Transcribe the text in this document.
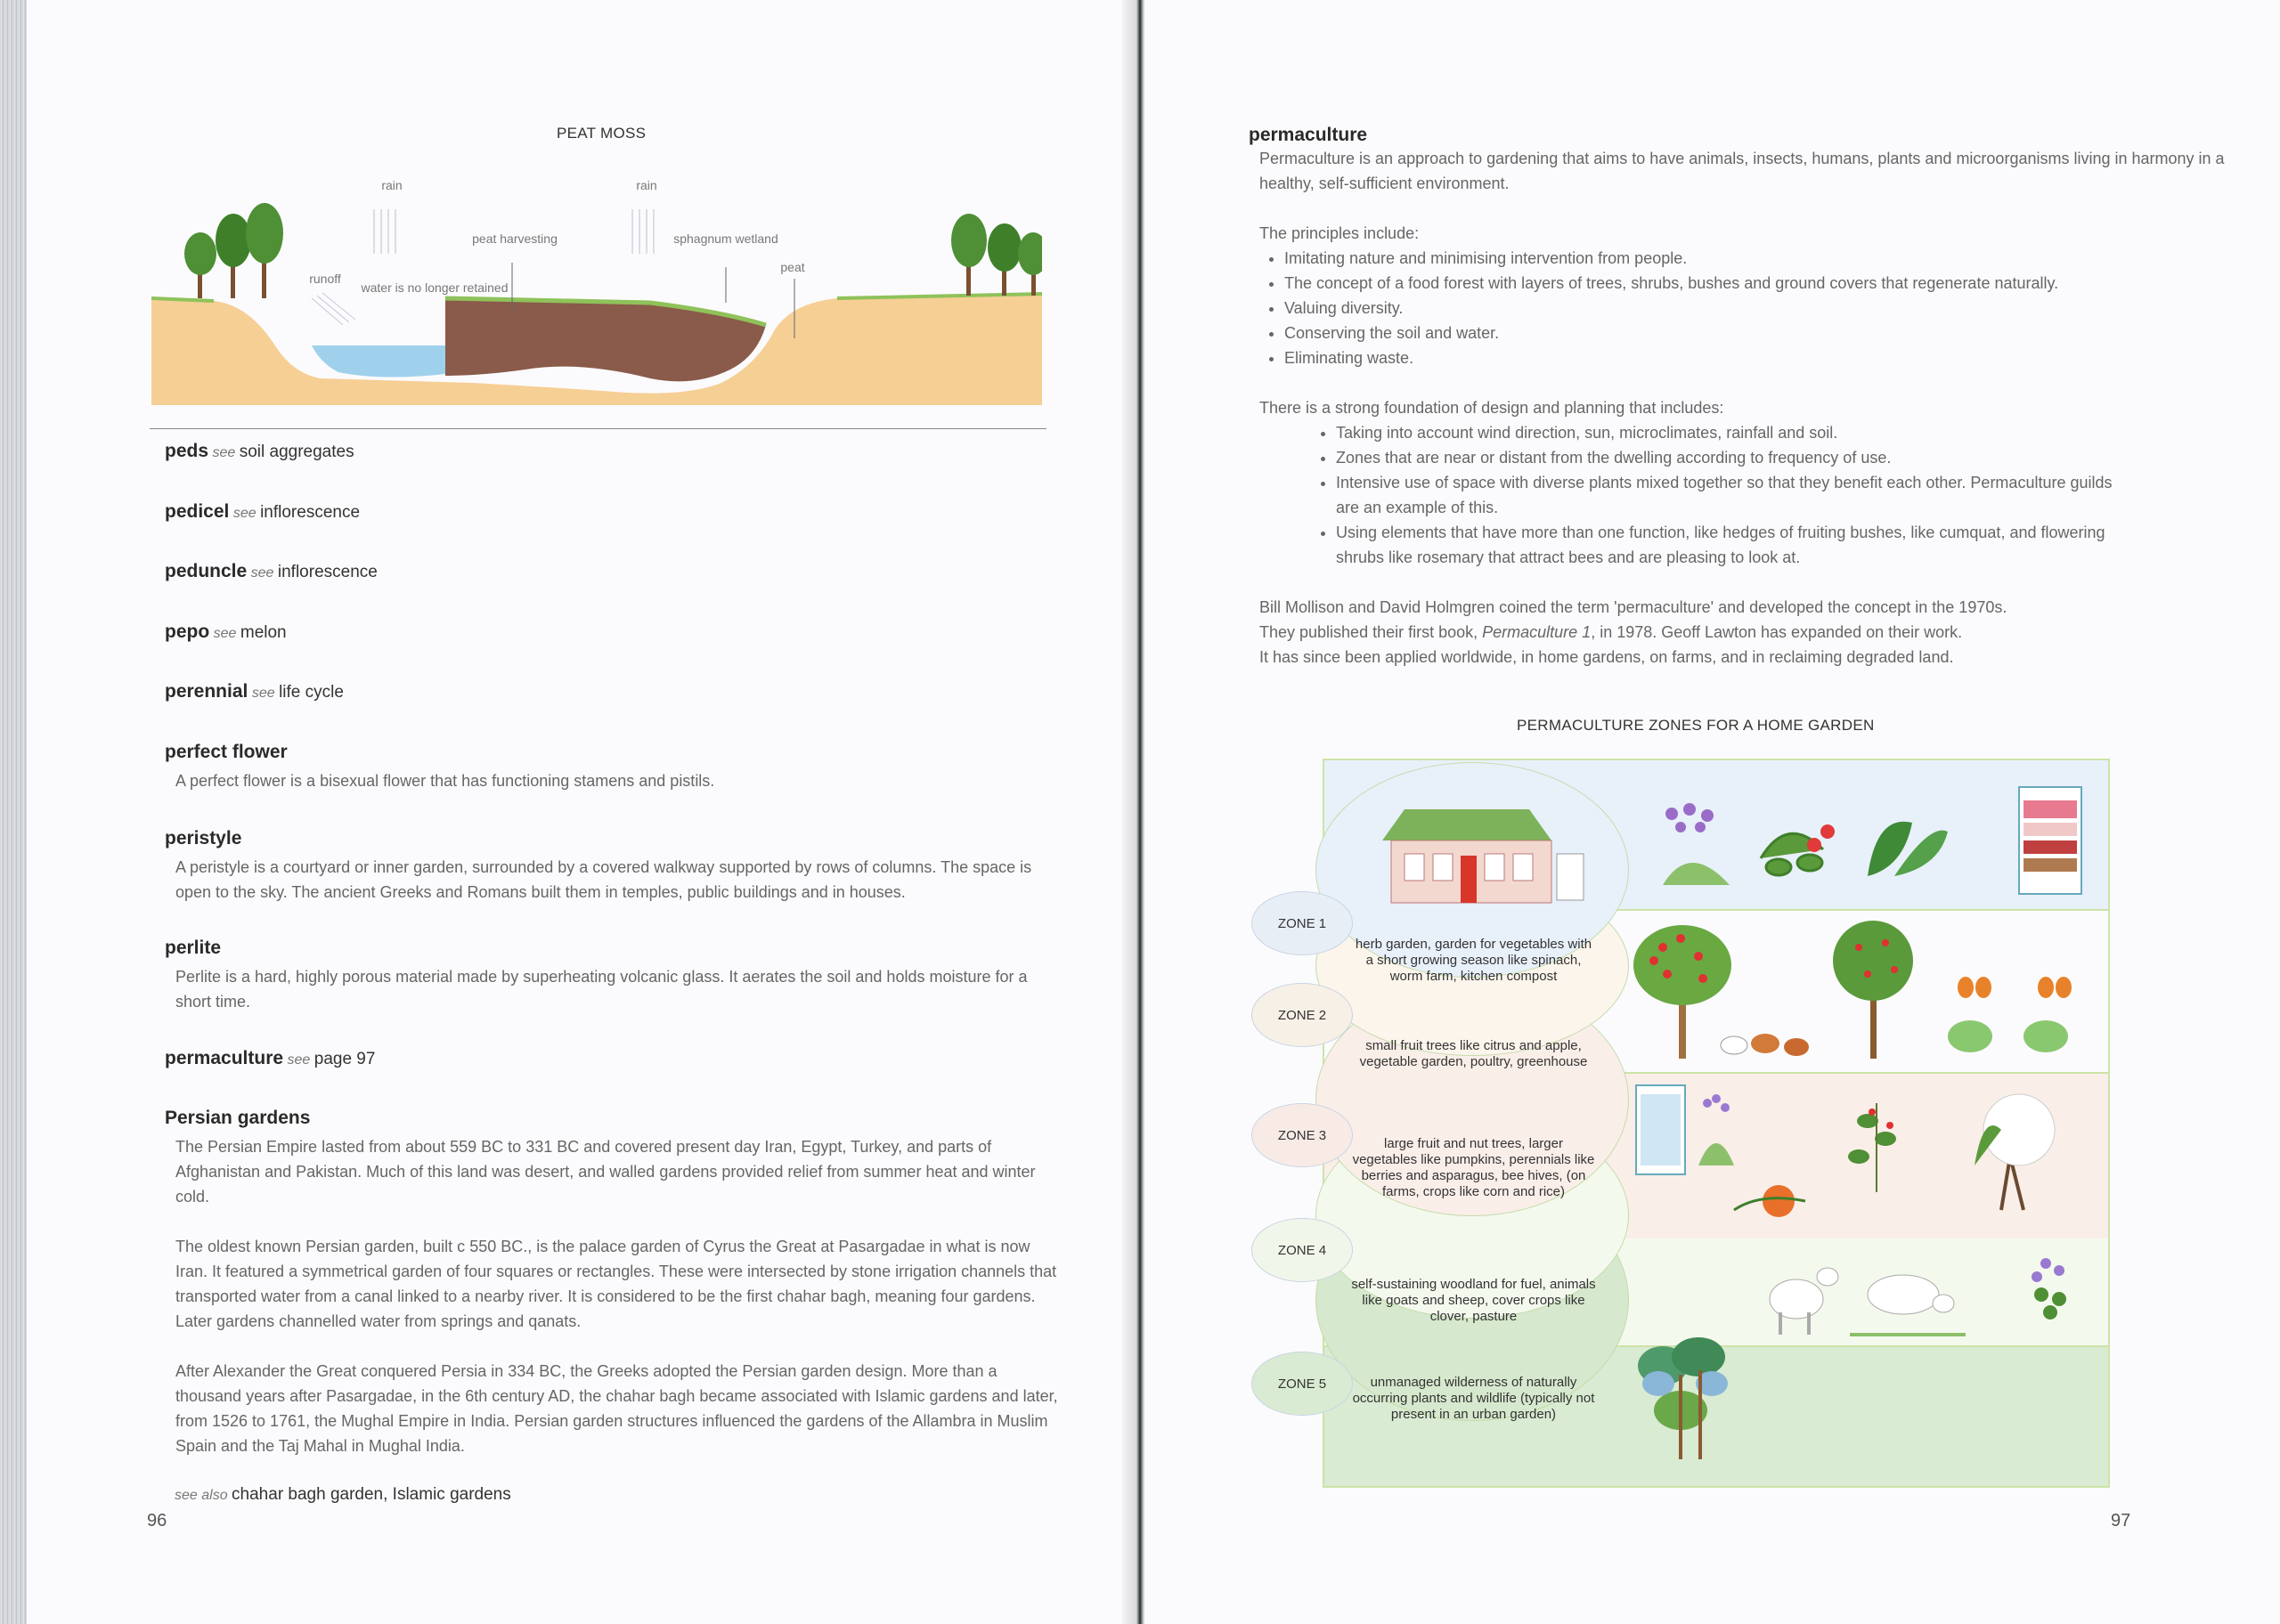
PEAT MOSS
rain	rain
runoff
peat harvesting	sphagnum wetland
peat
water is no longer retained
peds see soil aggregates
pedicel see inflorescence
peduncle see inflorescence
pepo see melon
perennial see life cycle
perfect flower
A perfect flower is a bisexual flower that has functioning stamens and pistils.
peristyle
A peristyle is a courtyard or inner garden, surrounded by a covered walkway supported by rows of columns. The space is open to the sky. The ancient Greeks and Romans built them in temples, public buildings and in houses.
perlite
Perlite is a hard, highly porous material made by superheating volcanic glass. It aerates the soil and holds moisture for a short time.
permaculture see page 97
Persian gardens

The Persian Empire lasted from about 559 BC to 331 BC and covered present day Iran, Egypt, Turkey, and parts of Afghanistan and Pakistan. Much of this land was desert, and walled gardens provided relief from summer heat and winter cold.

The oldest known Persian garden, built c 550 BC., is the palace garden of Cyrus the Great at Pasargadae in what is now Iran. It featured a symmetrical garden of four squares or rectangles. These were intersected by stone irrigation channels that transported water from a canal linked to a nearby river. It is considered to be the first chahar bagh, meaning four gardens. Later gardens channelled water from springs and qanats.

After Alexander the Great conquered Persia in 334 BC, the Greeks adopted the Persian garden design. More than a thousand years after Pasargadae, in the 6th century AD, the chahar bagh became associated with Islamic gardens and later, from 1526 to 1761, the Mughal Empire in India. Persian garden structures influenced the gardens of the Allambra in Muslim Spain and the Taj Mahal in Mughal India.

see also chahar bagh garden, Islamic gardens
96
permaculture
Permaculture is an approach to gardening that aims to have animals, insects, humans, plants and microorganisms living in harmony in a healthy, self-sufficient environment.
The principles include:
• Imitating nature and minimising intervention from people.
• The concept of a food forest with layers of trees, shrubs, bushes and ground covers that regenerate naturally.
• Valuing diversity.
• Conserving the soil and water.
• Eliminating waste.
There is a strong foundation of design and planning that includes:
• Taking into account wind direction, sun, microclimates, rainfall and soil.
• Zones that are near or distant from the dwelling according to frequency of use.
• Intensive use of space with diverse plants mixed together so that they benefit each other. Permaculture guilds are an example of this.
• Using elements that have more than one function, like hedges of fruiting bushes, like cumquat, and flowering shrubs like rosemary that attract bees and are pleasing to look at.
Bill Mollison and David Holmgren coined the term 'permaculture' and developed the concept in the 1970s.
They published their first book, Permaculture 1, in 1978. Geoff Lawton has expanded on their work.
It has since been applied worldwide, in home gardens, on farms, and in reclaiming degraded land.
PERMACULTURE ZONES FOR A HOME GARDEN
herb garden, garden for vegetables with a short growing season like spinach, worm farm, kitchen compost
small fruit trees like citrus and apple, vegetable garden, poultry, greenhouse
large fruit and nut trees, larger vegetables like pumpkins, perennials like berries and asparagus, bee hives, (on farms, crops like corn and rice)
self-sustaining woodland for fuel, animals like goats and sheep, cover crops like clover, pasture
unmanaged wilderness of naturally occurring plants and wildlife (typically not present in an urban garden)
ZONE 1
ZONE 2
ZONE 3
ZONE 4
ZONE 5
97
